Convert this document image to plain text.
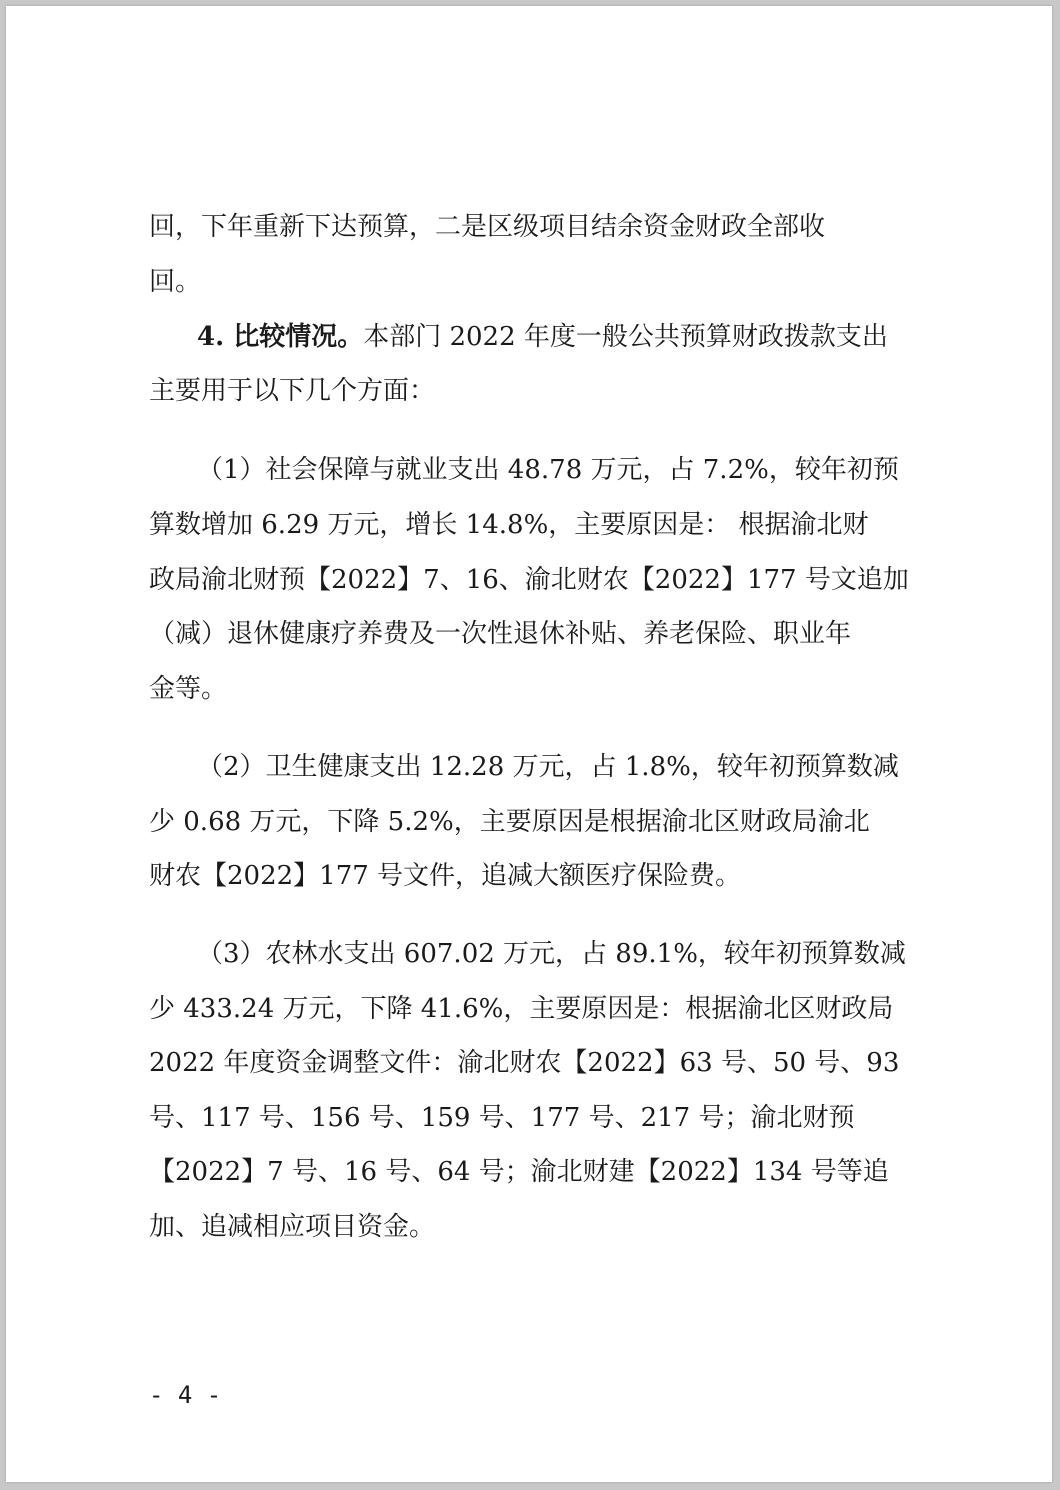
回，下年重新下达预算，二是区级项目结余资金财政全部收
回。
4. 比较情况。本部门 2022 年度一般公共预算财政拨款支出
主要用于以下几个方面：
（1）社会保障与就业支出 48.78 万元，占 7.2%，较年初预
算数增加 6.29 万元，增长 14.8%，主要原因是： 根据渝北财
政局渝北财预【2022】7、16、渝北财农【2022】177 号文追加
（减）退休健康疗养费及一次性退休补贴、养老保险、职业年
金等。
（2）卫生健康支出 12.28 万元，占 1.8%，较年初预算数减
少 0.68 万元，下降 5.2%，主要原因是根据渝北区财政局渝北
财农【2022】177 号文件，追减大额医疗保险费。
（3）农林水支出 607.02 万元，占 89.1%，较年初预算数减
少 433.24 万元，下降 41.6%，主要原因是：根据渝北区财政局
2022 年度资金调整文件：渝北财农【2022】63 号、50 号、93
号、117 号、156 号、159 号、177 号、217 号；渝北财预
【2022】7 号、16 号、64 号；渝北财建【2022】134 号等追
加、追减相应项目资金。
- 4 -
